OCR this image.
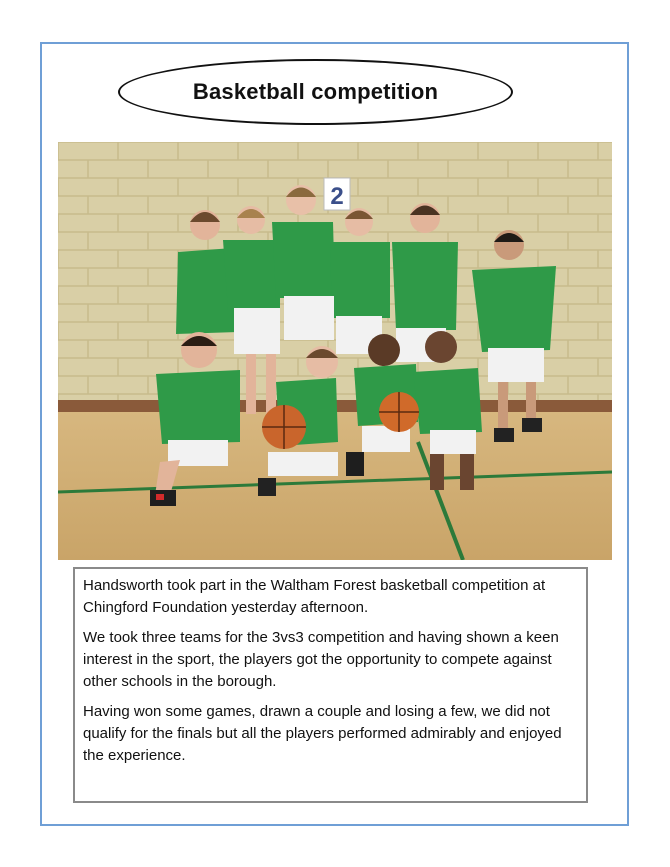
Basketball competition
2

Handsworth took part in the Waltham Forest basketball competition at Chingford Foundation yesterday afternoon.

We took three teams for the 3vs3 competition and having shown a keen interest in the sport, the players got the opportunity to compete against other schools in the borough.

Having won some games, drawn a couple and losing a few, we did not qualify for the finals but all the players performed admirably and enjoyed the experience.
